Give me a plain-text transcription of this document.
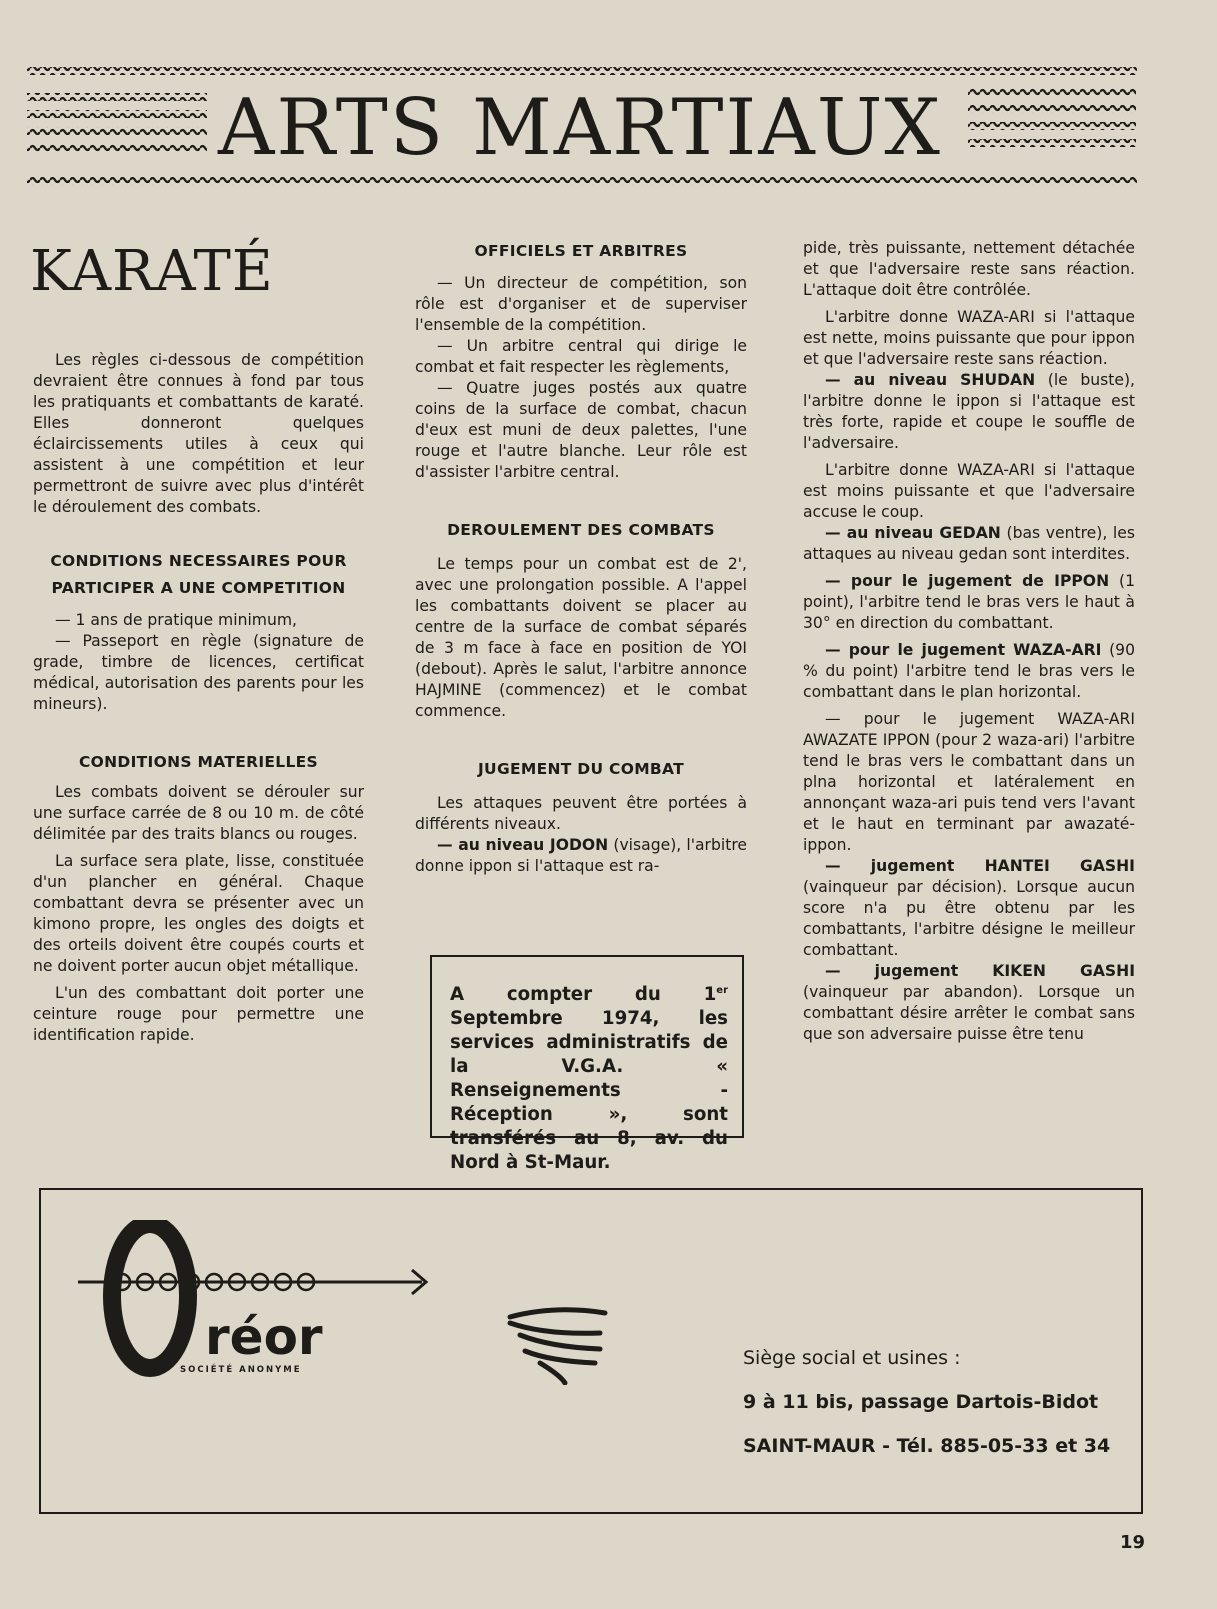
ARTS MARTIAUX
KARATÉ

Les règles ci-dessous de compétition devraient être connues à fond par tous les pratiquants et combattants de karaté. Elles donneront quelques éclaircissements utiles à ceux qui assistent à une compétition et leur permettront de suivre avec plus d'intérêt le déroulement des combats.

CONDITIONS NECESSAIRES POUR
PARTICIPER A UNE COMPETITION

— 1 ans de pratique minimum,

— Passeport en règle (signature de grade, timbre de licences, certificat médical, autorisation des parents pour les mineurs).

CONDITIONS MATERIELLES

Les combats doivent se dérouler sur une surface carrée de 8 ou 10 m. de côté délimitée par des traits blancs ou rouges.

La surface sera plate, lisse, constituée d'un plancher en général. Chaque combattant devra se présenter avec un kimono propre, les ongles des doigts et des orteils doivent être coupés courts et ne doivent porter aucun objet métallique.

L'un des combattant doit porter une ceinture rouge pour permettre une identification rapide.

OFFICIELS ET ARBITRES

— Un directeur de compétition, son rôle est d'organiser et de superviser l'ensemble de la compétition.

— Un arbitre central qui dirige le combat et fait respecter les règlements,

— Quatre juges postés aux quatre coins de la surface de combat, chacun d'eux est muni de deux palettes, l'une rouge et l'autre blanche. Leur rôle est d'assister l'arbitre central.

DEROULEMENT DES COMBATS

Le temps pour un combat est de 2', avec une prolongation possible. A l'appel les combattants doivent se placer au centre de la surface de combat séparés de 3 m face à face en position de YOI (debout). Après le salut, l'arbitre annonce HAJMINE (commencez) et le combat commence.

JUGEMENT DU COMBAT

Les attaques peuvent être portées à différents niveaux.

— au niveau JODON (visage), l'arbitre donne ippon si l'attaque est ra-

A compter du 1er Septembre 1974, les services administratifs de la V.G.A. « Renseignements - Réception », sont transférés au 8, av. du Nord à St-Maur.

pide, très puissante, nettement détachée et que l'adversaire reste sans réaction. L'attaque doit être contrôlée.

L'arbitre donne WAZA-ARI si l'attaque est nette, moins puissante que pour ippon et que l'adversaire reste sans réaction.

— au niveau SHUDAN (le buste), l'arbitre donne le ippon si l'attaque est très forte, rapide et coupe le souffle de l'adversaire.

L'arbitre donne WAZA-ARI si l'attaque est moins puissante et que l'adversaire accuse le coup.

— au niveau GEDAN (bas ventre), les attaques au niveau gedan sont interdites.

— pour le jugement de IPPON (1 point), l'arbitre tend le bras vers le haut à 30° en direction du combattant.

— pour le jugement WAZA-ARI (90 % du point) l'arbitre tend le bras vers le combattant dans le plan horizontal.

— pour le jugement WAZA-ARI AWAZATE IPPON (pour 2 waza-ari) l'arbitre tend le bras vers le combattant dans un plna horizontal et latéralement en annonçant waza-ari puis tend vers l'avant et le haut en terminant par awazaté-ippon.

— jugement HANTEI GASHI (vainqueur par décision). Lorsque aucun score n'a pu être obtenu par les combattants, l'arbitre désigne le meilleur combattant.

— jugement KIKEN GASHI (vainqueur par abandon). Lorsque un combattant désire arrêter le combat sans que son adversaire puisse être tenu

réor
SOCIÉTÉ ANONYME
Siège social et usines :
9 à 11 bis, passage Dartois-Bidot
SAINT-MAUR - Tél. 885-05-33 et 34
19
